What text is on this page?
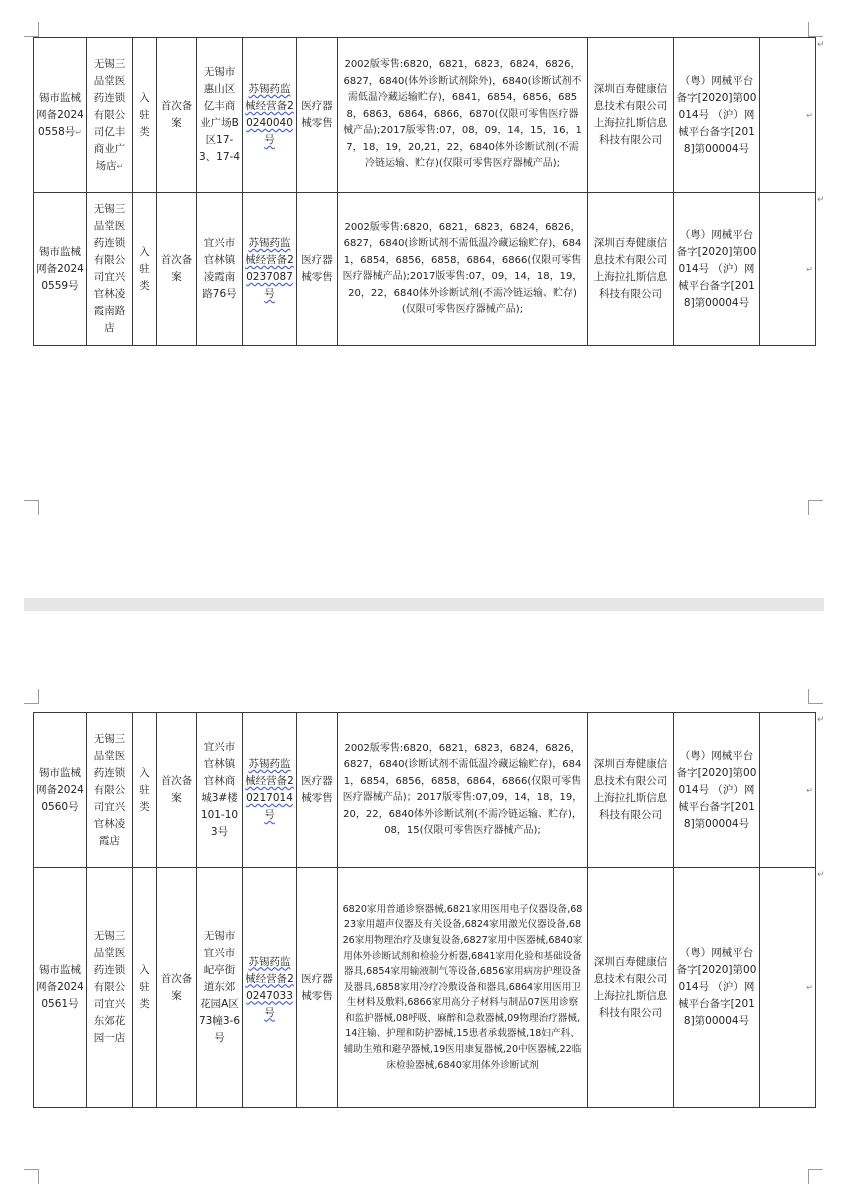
锡市监械网备20240558号↵	无锡三品堂医药连锁有限公司亿丰商业广场店↵	入驻类	首次备案	无锡市惠山区亿丰商业广场B区17-3、17-4	苏锡药监械经营备20240040号	医疗器械零售	2002版零售:6820，6821，6823，6824，6826，6827，6840(体外诊断试剂除外)，6840(诊断试剂不需低温冷藏运输贮存)，6841，6854，6856，6858，6863，6864，6866，6870(仅限可零售医疗器械产品);2017版零售:07，08，09，14，15，16，17，18，19，20,21，22，6840体外诊断试剂(不需冷链运输、贮存)(仅限可零售医疗器械产品);	深圳百寿健康信息技术有限公司 上海拉扎斯信息科技有限公司	（粤）网械平台备字[2020]第00014号 （沪）网械平台备字[2018]第00004号	↵
锡市监械网备20240559号	无锡三品堂医药连锁有限公司宜兴官林凌霞南路店	入驻类	首次备案	宜兴市官林镇凌霞南路76号	苏锡药监械经营备20237087号	医疗器械零售	2002版零售:6820，6821，6823，6824，6826，6827，6840(诊断试剂不需低温冷藏运输贮存)，6841，6854，6856，6858，6864，6866(仅限可零售医疗器械产品);2017版零售:07，09，14，18，19，20，22，6840体外诊断试剂(不需冷链运输、贮存)(仅限可零售医疗器械产品);	深圳百寿健康信息技术有限公司 上海拉扎斯信息科技有限公司	（粤）网械平台备字[2020]第00014号 （沪）网械平台备字[2018]第00004号	↵
↵
↵
锡市监械网备20240560号	无锡三品堂医药连锁有限公司宜兴官林凌霞店	入驻类	首次备案	宜兴市官林镇官林商城3#楼101-103号	苏锡药监械经营备20217014号	医疗器械零售	2002版零售:6820，6821，6823，6824，6826，6827，6840(诊断试剂不需低温冷藏运输贮存)，6841，6854，6856，6858，6864，6866(仅限可零售医疗器械产品)；2017版零售:07,09，14，18，19，20，22，6840体外诊断试剂(不需冷链运输、贮存)，08，15(仅限可零售医疗器械产品);	深圳百寿健康信息技术有限公司 上海拉扎斯信息科技有限公司	（粤）网械平台备字[2020]第00014号 （沪）网械平台备字[2018]第00004号	↵
锡市监械网备20240561号	无锡三品堂医药连锁有限公司宜兴东郊花园一店	入驻类	首次备案	无锡市宜兴市屺亭街道东郊花园A区73幢3-6号	苏锡药监械经营备20247033号	医疗器械零售	6820家用普通诊察器械,6821家用医用电子仪器设备,6823家用超声仪器及有关设备,6824家用激光仪器设备,6826家用物理治疗及康复设备,6827家用中医器械,6840家用体外诊断试剂和检验分析器,6841家用化验和基础设备器具,6854家用输液制气等设备,6856家用病房护理设备及器具,6858家用冷疗冷敷设备和器具,6864家用医用卫生材料及敷料,6866家用高分子材料与制品07医用诊察和监护器械,08呼吸、麻醉和急救器械,09物理治疗器械,14注输、护理和防护器械,15患者承载器械,18妇产科、辅助生殖和避孕器械,19医用康复器械,20中医器械,22临床检验器械,6840家用体外诊断试剂	深圳百寿健康信息技术有限公司 上海拉扎斯信息科技有限公司	（粤）网械平台备字[2020]第00014号 （沪）网械平台备字[2018]第00004号	↵
↵
↵
